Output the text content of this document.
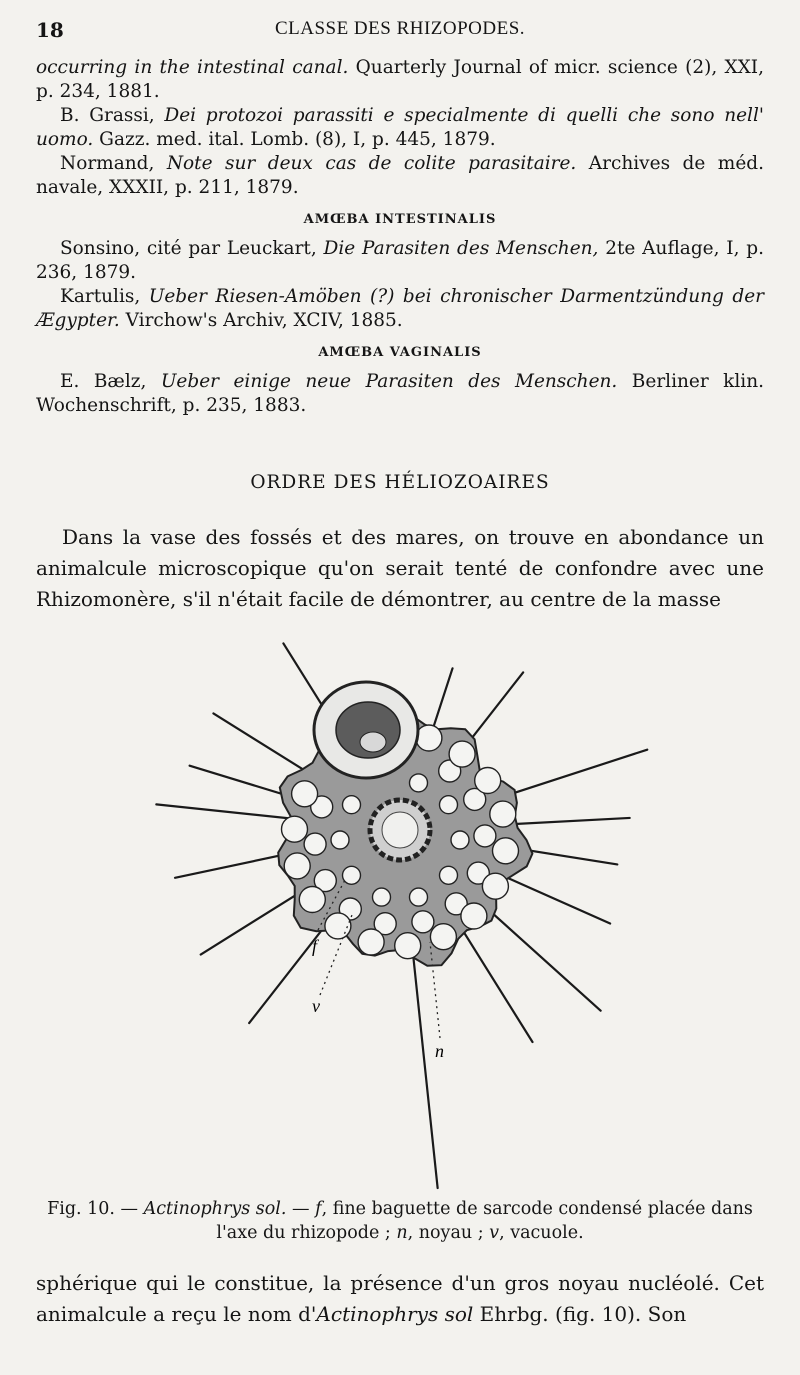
18	CLASSE DES RHIZOPODES.

occurring in the intestinal canal. Quarterly Journal of micr. science (2), XXI, p. 234, 1881.

B. Grassi, Dei protozoi parassiti e specialmente di quelli che sono nell' uomo. Gazz. med. ital. Lomb. (8), I, p. 445, 1879.

Normand, Note sur deux cas de colite parasitaire. Archives de méd. navale, XXXII, p. 211, 1879.

AMŒBA INTESTINALIS

Sonsino, cité par Leuckart, Die Parasiten des Menschen, 2te Auflage, I, p. 236, 1879.

Kartulis, Ueber Riesen-Amöben (?) bei chronischer Darmentzündung der Ægypter. Virchow's Archiv, XCIV, 1885.

AMŒBA VAGINALIS

E. Bælz, Ueber einige neue Parasiten des Menschen. Berliner klin. Wochenschrift, p. 235, 1883.

ORDRE DES HÉLIOZOAIRES

Dans la vase des fossés et des mares, on trouve en abondance un animalcule microscopique qu'on serait tenté de confondre avec une Rhizomonère, s'il n'était facile de démontrer, au centre de la masse

f
v
n
Fig. 10. — Actinophrys sol. — f, fine baguette de sarcode condensé placée dans l'axe du rhizopode ; n, noyau ; v, vacuole.

sphérique qui le constitue, la présence d'un gros noyau nucléolé. Cet animalcule a reçu le nom d'Actinophrys sol Ehrbg. (fig. 10). Son
